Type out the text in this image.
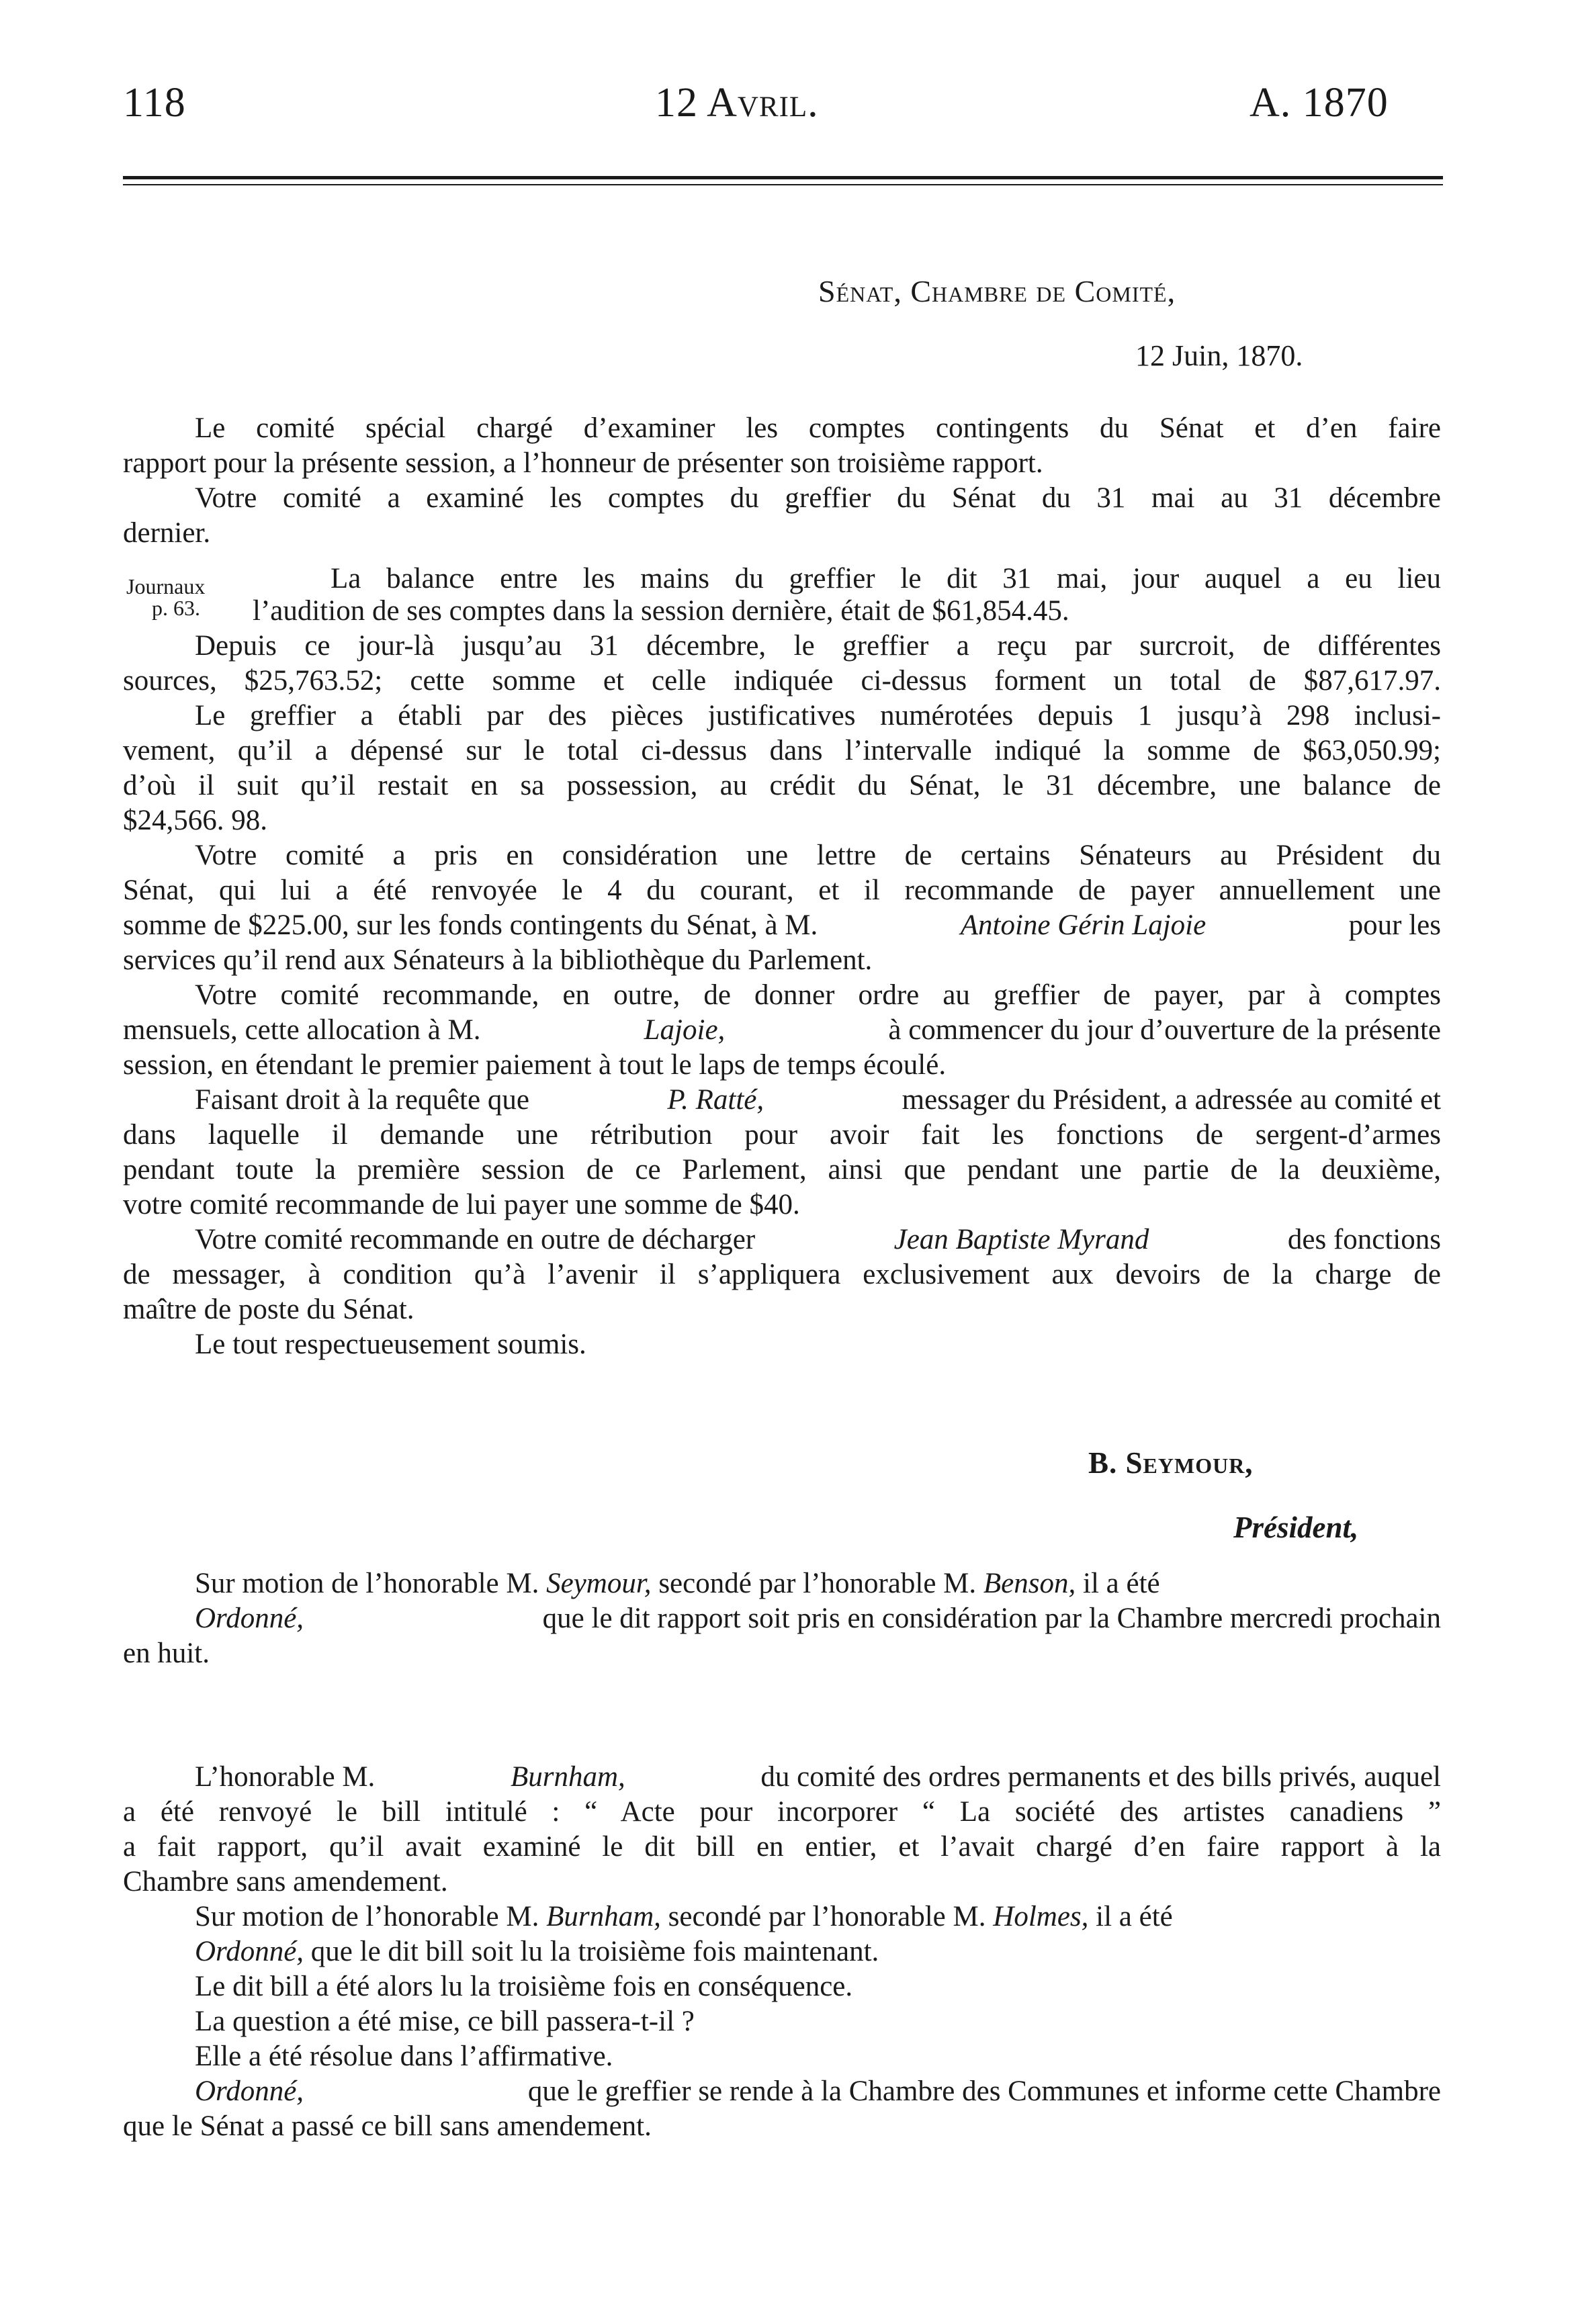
118	12 Avril.	A. 1870
Sénat, Chambre de Comité,
12 Juin, 1870.
Le comité spécial chargé d’examiner les comptes contingents du Sénat et d’en faire
rapport pour la présente session, a l’honneur de présenter son troisième rapport.
Votre comité a examiné les comptes du greffier du Sénat du 31 mai au 31 décembre
dernier.
Journaux
p. 63.
La balance entre les mains du greffier le dit 31 mai, jour auquel a eu lieu
l’audition de ses comptes dans la session dernière, était de $61,854.45.
Depuis ce jour-là jusqu’au 31 décembre, le greffier a reçu par surcroit, de différentes
sources, $25,763.52; cette somme et celle indiquée ci-dessus forment un total de $87,617.97.
Le greffier a établi par des pièces justificatives numérotées depuis 1 jusqu’à 298 inclusi-
vement, qu’il a dépensé sur le total ci-dessus dans l’intervalle indiqué la somme de $63,050.99;
d’où il suit qu’il restait en sa possession, au crédit du Sénat, le 31 décembre, une balance de
$24,566. 98.
Votre comité a pris en considération une lettre de certains Sénateurs au Président du
Sénat, qui lui a été renvoyée le 4 du courant, et il recommande de payer annuellement une
somme de $225.00, sur les fonds contingents du Sénat, à M.	Antoine Gérin Lajoie	pour les
services qu’il rend aux Sénateurs à la bibliothèque du Parlement.
Votre comité recommande, en outre, de donner ordre au greffier de payer, par à comptes
mensuels, cette allocation à M.	Lajoie,	à commencer du jour d’ouverture de la présente
session, en étendant le premier paiement à tout le laps de temps écoulé.
Faisant droit à la requête que	P. Ratté,	messager du Président, a adressée au comité et
dans laquelle il demande une rétribution pour avoir fait les fonctions de sergent-d’armes
pendant toute la première session de ce Parlement, ainsi que pendant une partie de la deuxième,
votre comité recommande de lui payer une somme de $40.
Votre comité recommande en outre de décharger	Jean Baptiste Myrand	des fonctions
de messager, à condition qu’à l’avenir il s’appliquera exclusivement aux devoirs de la charge de
maître de poste du Sénat.
Le tout respectueusement soumis.
B. Seymour,
Président,
Sur motion de l’honorable M. Seymour, secondé par l’honorable M. Benson, il a été
Ordonné,	que le dit rapport soit pris en considération par la Chambre mercredi prochain
en huit.
L’honorable M.	Burnham,	du comité des ordres permanents et des bills privés, auquel
a été renvoyé le bill intitulé : “ Acte pour incorporer “ La société des artistes canadiens ”
a fait rapport, qu’il avait examiné le dit bill en entier, et l’avait chargé d’en faire rapport à la
Chambre sans amendement.
Sur motion de l’honorable M. Burnham, secondé par l’honorable M. Holmes, il a été
Ordonné, que le dit bill soit lu la troisième fois maintenant.
Le dit bill a été alors lu la troisième fois en conséquence.
La question a été mise, ce bill passera-t-il ?
Elle a été résolue dans l’affirmative.
Ordonné,	que le greffier se rende à la Chambre des Communes et informe cette Chambre
que le Sénat a passé ce bill sans amendement.
